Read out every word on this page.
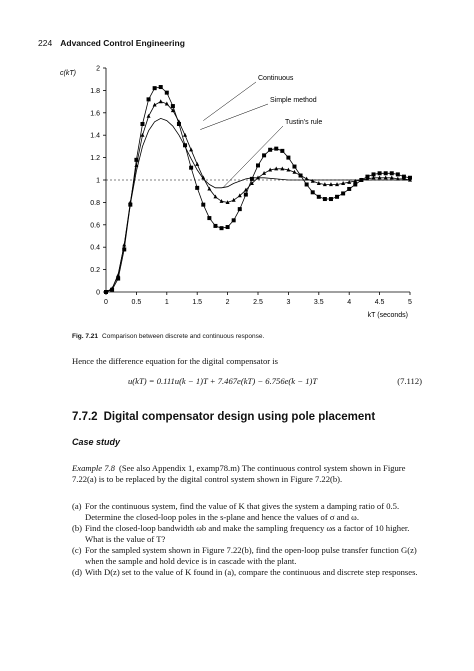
224 Advanced Control Engineering
0
0.2
0.4
0.6
0.8
1
1.2
1.4
1.6
1.8
2
0	0.5	1	1.5	2	2.5	3	3.5	4	4.5	5
Continuous
Simple method
Tustin's rule
c(kT)
kT (seconds)
Fig. 7.21 Comparison between discrete and continuous response.
Hence the difference equation for the digital compensator is
u(kT) = 0.111u(k − 1)T + 7.467e(kT) − 6.756e(k − 1)T	(7.112)
7.7.2 Digital compensator design using pole placement
Case study
Example 7.8 (See also Appendix 1, examp78.m) The continuous control system shown in Figure 7.22(a) is to be replaced by the digital control system shown in Figure 7.22(b).
(a) For the continuous system, find the value of K that gives the system a damping ratio of 0.5. Determine the closed-loop poles in the s-plane and hence the values of σ and ω.
(b) Find the closed-loop bandwidth ωb and make the sampling frequency ωs a factor of 10 higher. What is the value of T?
(c) For the sampled system shown in Figure 7.22(b), find the open-loop pulse transfer function G(z) when the sample and hold device is in cascade with the plant.
(d) With D(z) set to the value of K found in (a), compare the continuous and discrete step responses.
